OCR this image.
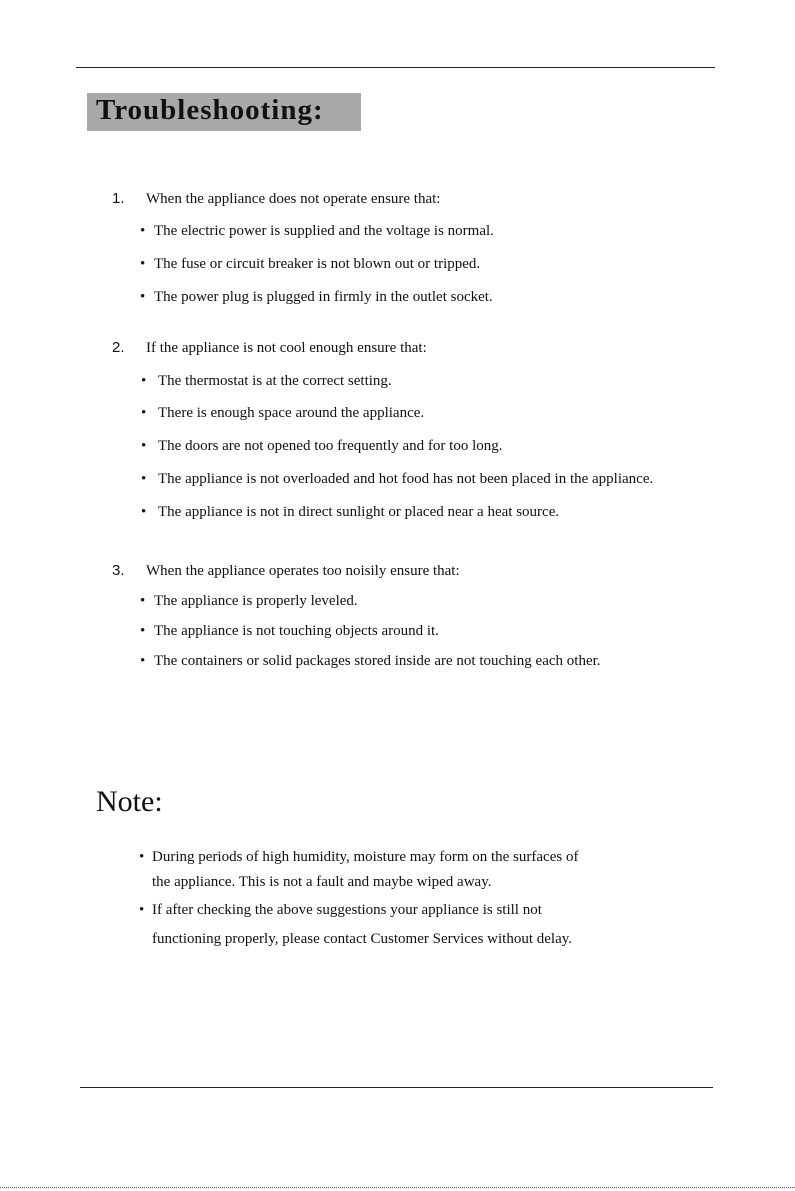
Troubleshooting:
1. When the appliance does not operate ensure that:
• The electric power is supplied and the voltage is normal.
• The fuse or circuit breaker is not blown out or tripped.
• The power plug is plugged in firmly in the outlet socket.
2. If the appliance is not cool enough ensure that:
• The thermostat is at the correct setting.
• There is enough space around the appliance.
• The doors are not opened too frequently and for too long.
• The appliance is not overloaded and hot food has not been placed in the appliance.
• The appliance is not in direct sunlight or placed near a heat source.
3. When the appliance operates too noisily ensure that:
• The appliance is properly leveled.
• The appliance is not touching objects around it.
• The containers or solid packages stored inside are not touching each other.
Note:
• During periods of high humidity, moisture may form on the surfaces of
the appliance. This is not a fault and maybe wiped away.
• If after checking the above suggestions your appliance is still not
functioning properly, please contact Customer Services without delay.
